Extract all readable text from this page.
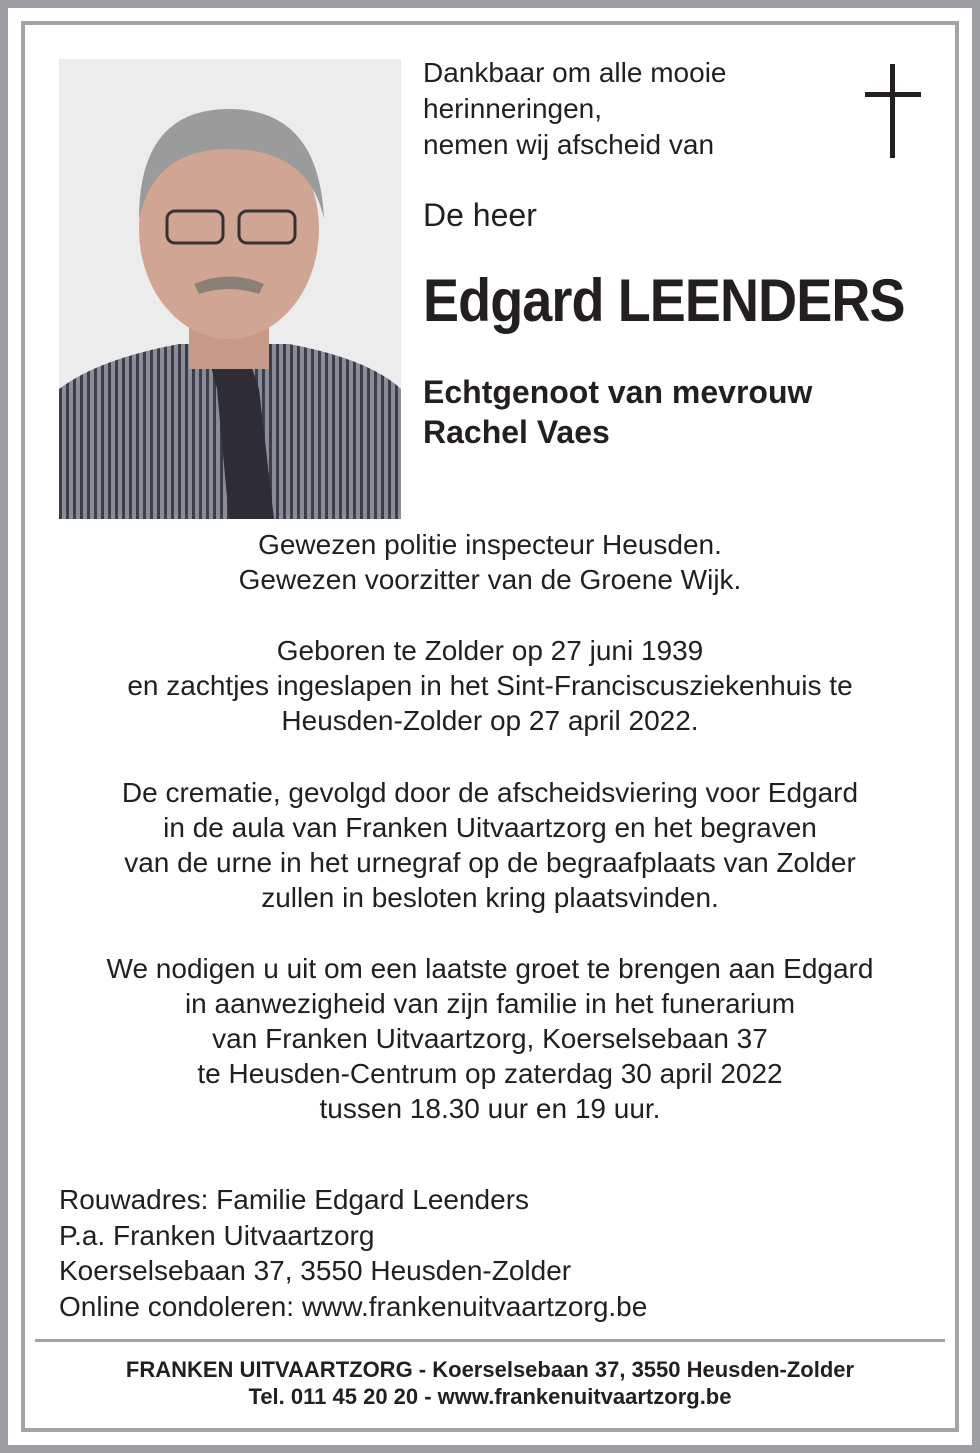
Dankbaar om alle mooie
herinneringen,
nemen wij afscheid van
De heer
Edgard LEENDERS
Echtgenoot van mevrouw
Rachel Vaes
Gewezen politie inspecteur Heusden.
Gewezen voorzitter van de Groene Wijk.
Geboren te Zolder op 27 juni 1939
en zachtjes ingeslapen in het Sint-Franciscusziekenhuis te
Heusden-Zolder op 27 april 2022.
De crematie, gevolgd door de afscheidsviering voor Edgard
in de aula van Franken Uitvaartzorg en het begraven
van de urne in het urnegraf op de begraafplaats van Zolder
zullen in besloten kring plaatsvinden.
We nodigen u uit om een laatste groet te brengen aan Edgard
in aanwezigheid van zijn familie in het funerarium
van Franken Uitvaartzorg, Koerselsebaan 37
te Heusden-Centrum op zaterdag 30 april 2022
tussen 18.30 uur en 19 uur.
Rouwadres: Familie Edgard Leenders
P.a. Franken Uitvaartzorg
Koerselsebaan 37, 3550 Heusden-Zolder
Online condoleren: www.frankenuitvaartzorg.be
FRANKEN UITVAARTZORG - Koerselsebaan 37, 3550 Heusden-Zolder
Tel. 011 45 20 20 - www.frankenuitvaartzorg.be
